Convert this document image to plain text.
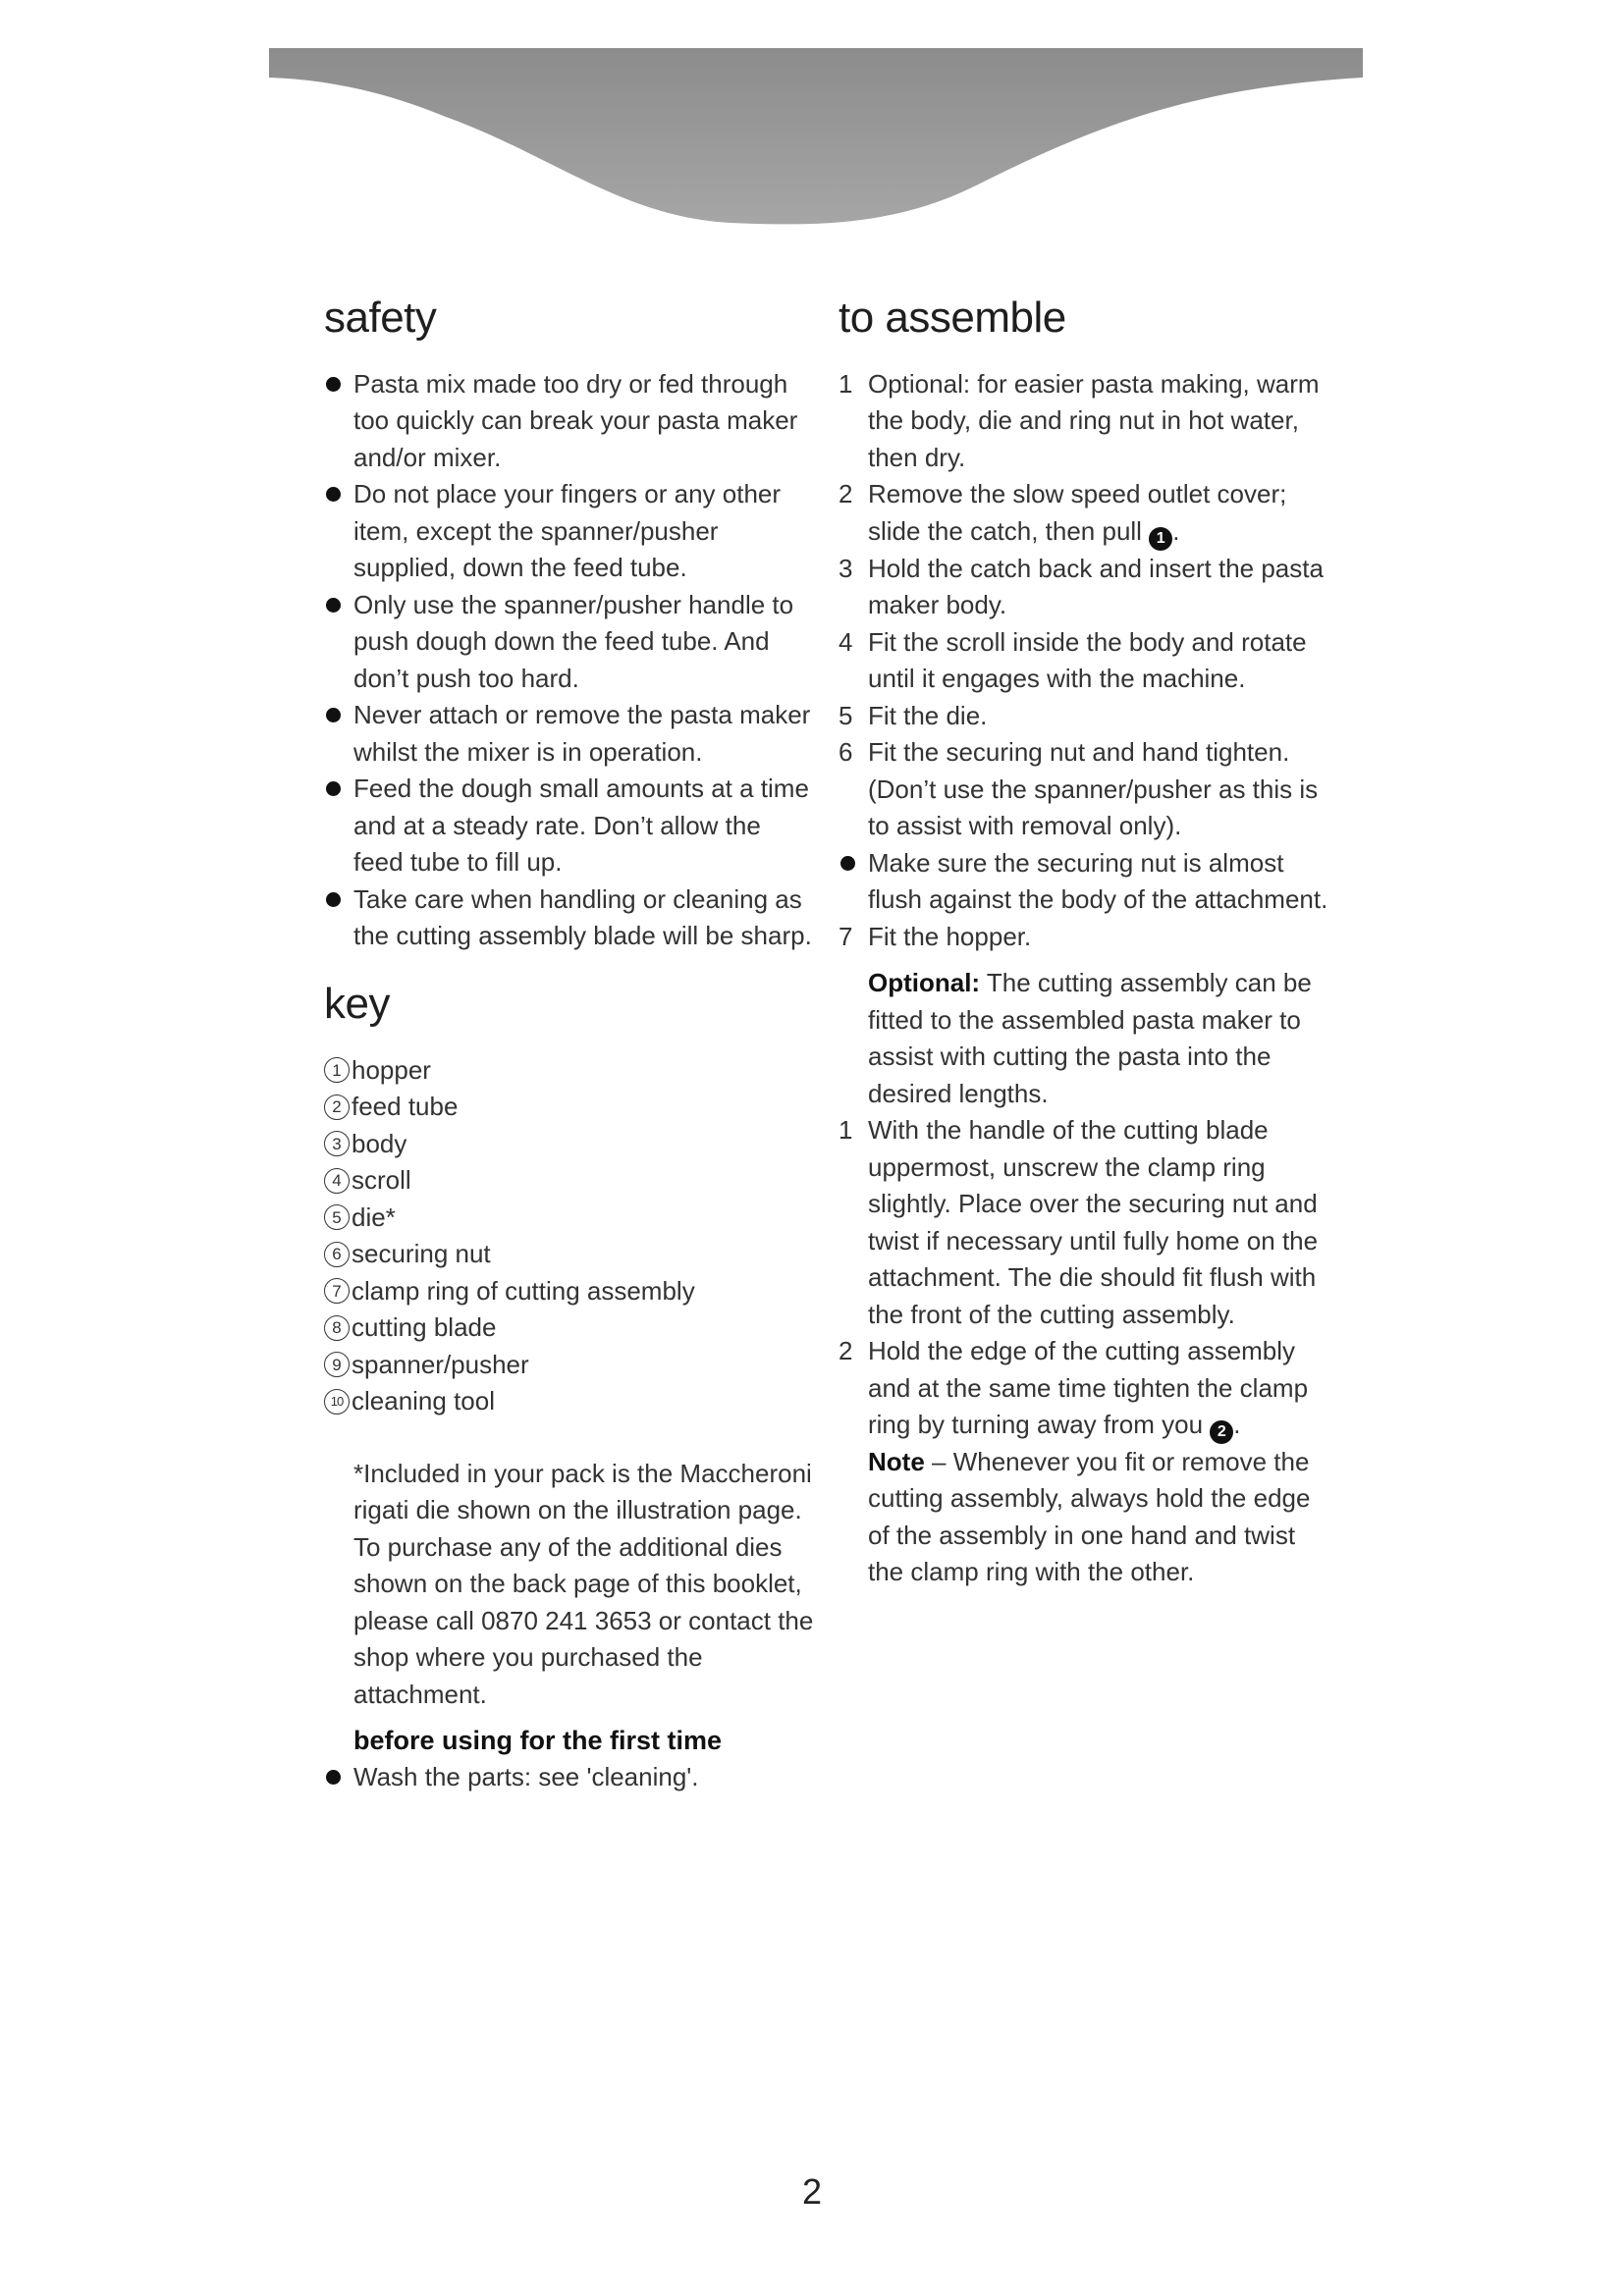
safety
Pasta mix made too dry or fed through too quickly can break your pasta maker and/or mixer.
Do not place your fingers or any other item, except the spanner/pusher supplied, down the feed tube.
Only use the spanner/pusher handle to push dough down the feed tube. And don’t push too hard.
Never attach or remove the pasta maker whilst the mixer is in operation.
Feed the dough small amounts at a time and at a steady rate. Don’t allow the feed tube to fill up.
Take care when handling or cleaning as the cutting assembly blade will be sharp.
key
1 hopper
2 feed tube
3 body
4 scroll
5 die*
6 securing nut
7 clamp ring of cutting assembly
8 cutting blade
9 spanner/pusher
10 cleaning tool
*Included in your pack is the Maccheroni rigati die shown on the illustration page. To purchase any of the additional dies shown on the back page of this booklet, please call 0870 241 3653 or contact the shop where you purchased the attachment.
before using for the first time
Wash the parts: see 'cleaning'.
to assemble
1 Optional: for easier pasta making, warm the body, die and ring nut in hot water, then dry.
2 Remove the slow speed outlet cover; slide the catch, then pull 1 .
3 Hold the catch back and insert the pasta maker body.
4 Fit the scroll inside the body and rotate until it engages with the machine.
5 Fit the die.
6 Fit the securing nut and hand tighten. (Don’t use the spanner/pusher as this is to assist with removal only).
Make sure the securing nut is almost flush against the body of the attachment.
7 Fit the hopper.
Optional: The cutting assembly can be fitted to the assembled pasta maker to assist with cutting the pasta into the desired lengths.
1 With the handle of the cutting blade uppermost, unscrew the clamp ring slightly. Place over the securing nut and twist if necessary until fully home on the attachment. The die should fit flush with the front of the cutting assembly.
2 Hold the edge of the cutting assembly and at the same time tighten the clamp ring by turning away from you 2 .
Note – Whenever you fit or remove the cutting assembly, always hold the edge of the assembly in one hand and twist the clamp ring with the other.
2
